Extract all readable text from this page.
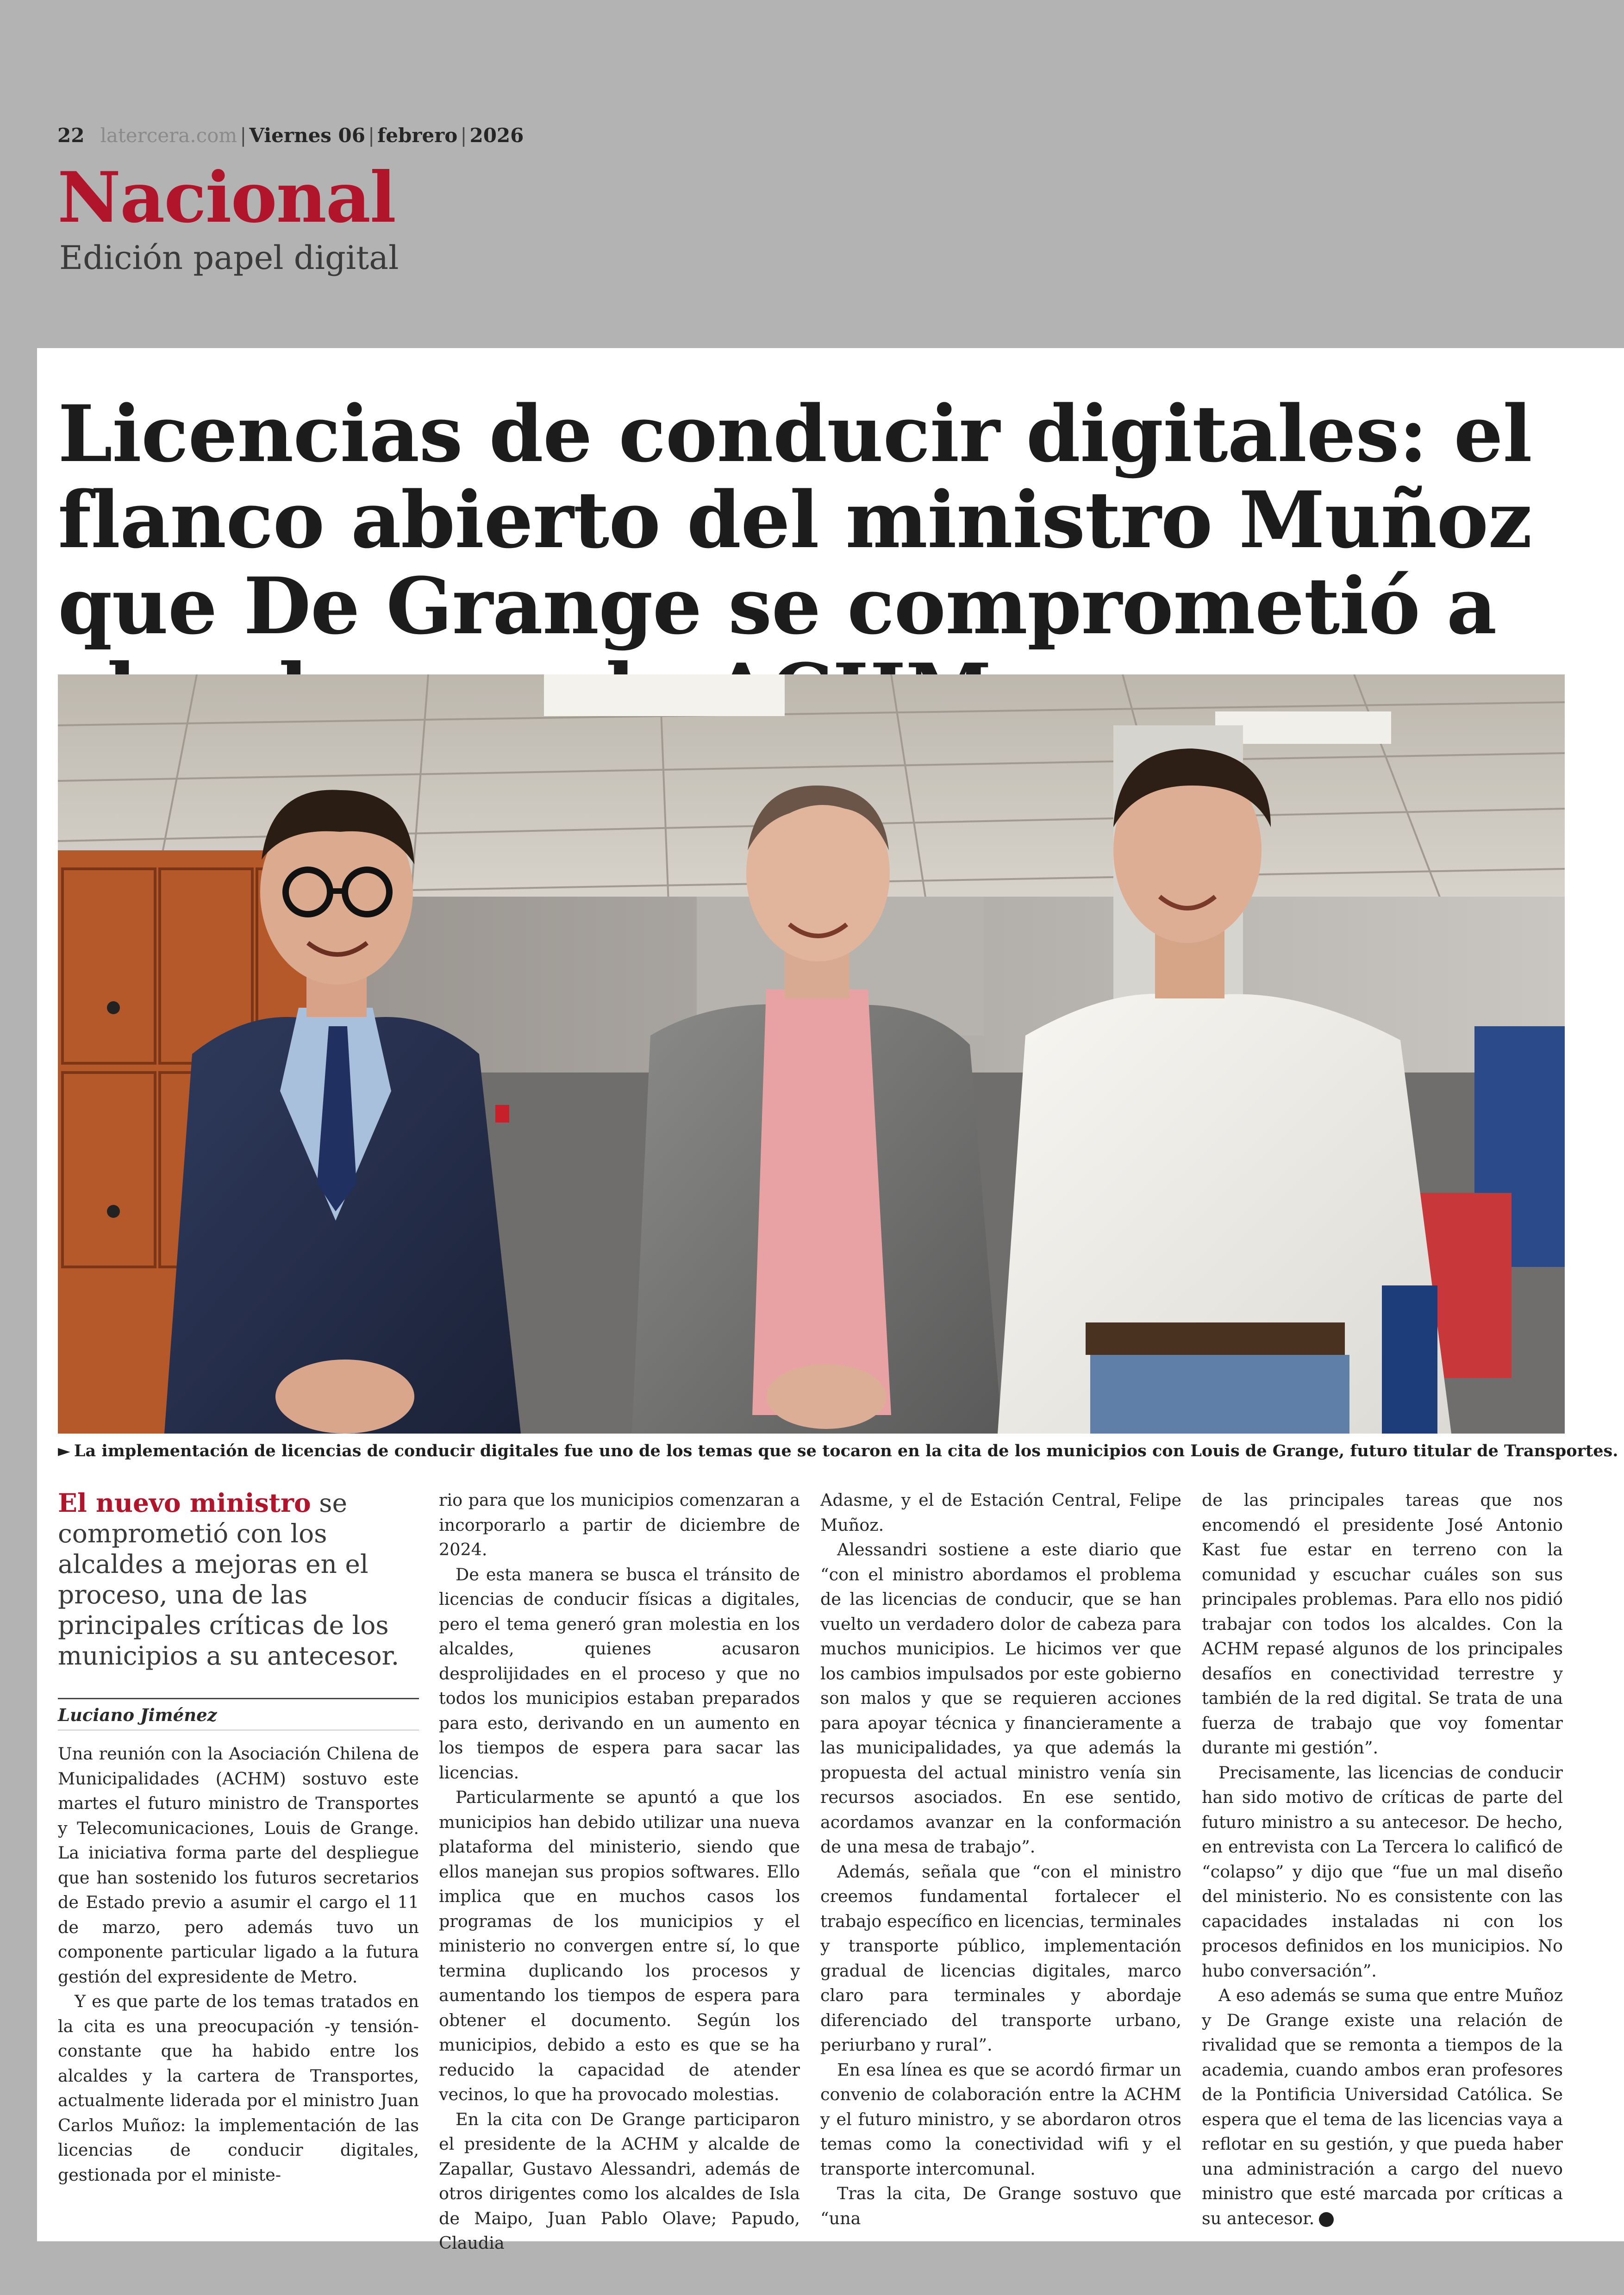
22 latercera.com | Viernes 06 | febrero | 2026
Nacional
Edición papel digital
Licencias de conducir digitales: el flanco abierto del ministro Muñoz que De Grange se comprometió a
► La implementación de licencias de conducir digitales fue uno de los temas que se tocaron en la cita de los municipios con Louis de Grange, futuro titular de Transportes.

El nuevo ministro se comprometió con los alcaldes a mejoras en el proceso, una de las principales críticas de los municipios a su antecesor.

Luciano Jiménez

Una reunión con la Asociación Chilena de Municipalidades (ACHM) sostuvo este martes el futuro ministro de Transportes y Telecomunicaciones, Louis de Grange. La iniciativa forma parte del despliegue que han sostenido los futuros secretarios de Estado previo a asumir el cargo el 11 de marzo, pero además tuvo un componente particular ligado a la futura gestión del expresidente de Metro.

Y es que parte de los temas tratados en la cita es una preocupación -y tensión- constante que ha habido entre los alcaldes y la cartera de Transportes, actualmente liderada por el ministro Juan Carlos Muñoz: la implementación de las licencias de conducir digitales, gestionada por el ministe-

rio para que los municipios comenzaran a incorporarlo a partir de diciembre de 2024.

De esta manera se busca el tránsito de licencias de conducir físicas a digitales, pero el tema generó gran molestia en los alcaldes, quienes acusaron desprolijidades en el proceso y que no todos los municipios estaban preparados para esto, derivando en un aumento en los tiempos de espera para sacar las licencias.

Particularmente se apuntó a que los municipios han debido utilizar una nueva plataforma del ministerio, siendo que ellos manejan sus propios softwares. Ello implica que en muchos casos los programas de los municipios y el ministerio no convergen entre sí, lo que termina duplicando los procesos y aumentando los tiempos de espera para obtener el documento. Según los municipios, debido a esto es que se ha reducido la capacidad de atender vecinos, lo que ha provocado molestias.

En la cita con De Grange participaron el presidente de la ACHM y alcalde de Zapallar, Gustavo Alessandri, además de otros dirigentes como los alcaldes de Isla de Maipo, Juan Pablo Olave; Papudo, Claudia

Adasme, y el de Estación Central, Felipe Muñoz.

Alessandri sostiene a este diario que “con el ministro abordamos el problema de las licencias de conducir, que se han vuelto un verdadero dolor de cabeza para muchos municipios. Le hicimos ver que los cambios impulsados por este gobierno son malos y que se requieren acciones para apoyar técnica y financieramente a las municipalidades, ya que además la propuesta del actual ministro venía sin recursos asociados. En ese sentido, acordamos avanzar en la conformación de una mesa de trabajo”.

Además, señala que “con el ministro creemos fundamental fortalecer el trabajo específico en licencias, terminales y transporte público, implementación gradual de licencias digitales, marco claro para terminales y abordaje diferenciado del transporte urbano, periurbano y rural”.

En esa línea es que se acordó firmar un convenio de colaboración entre la ACHM y el futuro ministro, y se abordaron otros temas como la conectividad wifi y el transporte intercomunal.

Tras la cita, De Grange sostuvo que “una

de las principales tareas que nos encomendó el presidente José Antonio Kast fue estar en terreno con la comunidad y escuchar cuáles son sus principales problemas. Para ello nos pidió trabajar con todos los alcaldes. Con la ACHM repasé algunos de los principales desafíos en conectividad terrestre y también de la red digital. Se trata de una fuerza de trabajo que voy fomentar durante mi gestión”.

Precisamente, las licencias de conducir han sido motivo de críticas de parte del futuro ministro a su antecesor. De hecho, en entrevista con La Tercera lo calificó de “colapso” y dijo que “fue un mal diseño del ministerio. No es consistente con las capacidades instaladas ni con los procesos definidos en los municipios. No hubo conversación”.

A eso además se suma que entre Muñoz y De Grange existe una relación de rivalidad que se remonta a tiempos de la academia, cuando ambos eran profesores de la Pontificia Universidad Católica. Se espera que el tema de las licencias vaya a reflotar en su gestión, y que pueda haber una administración a cargo del nuevo ministro que esté marcada por críticas a su antecesor.
